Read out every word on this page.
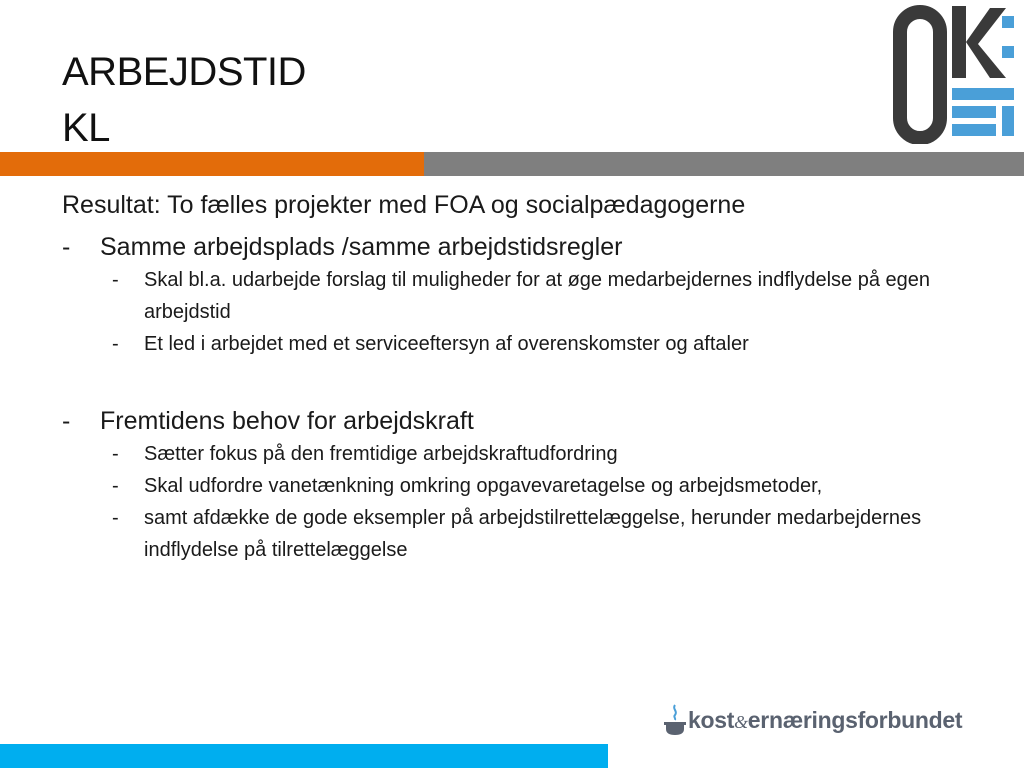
ARBEJDSTID
KL
Resultat: To fælles projekter med FOA og socialpædagogerne
-	Samme arbejdsplads /samme arbejdstidsregler
-	Skal bl.a. udarbejde forslag til muligheder for at øge medarbejdernes indflydelse på egen arbejdstid
-	Et led i arbejdet med et serviceeftersyn af overenskomster og aftaler
-	Fremtidens behov for arbejdskraft
-	Sætter fokus på den fremtidige arbejdskraftudfordring
-	Skal udfordre vanetænkning omkring opgavevaretagelse og arbejdsmetoder,
-	samt afdække de gode eksempler på arbejdstilrettelæggelse, herunder medarbejdernes indflydelse på tilrettelæggelse
kost&ernæringsforbundet
